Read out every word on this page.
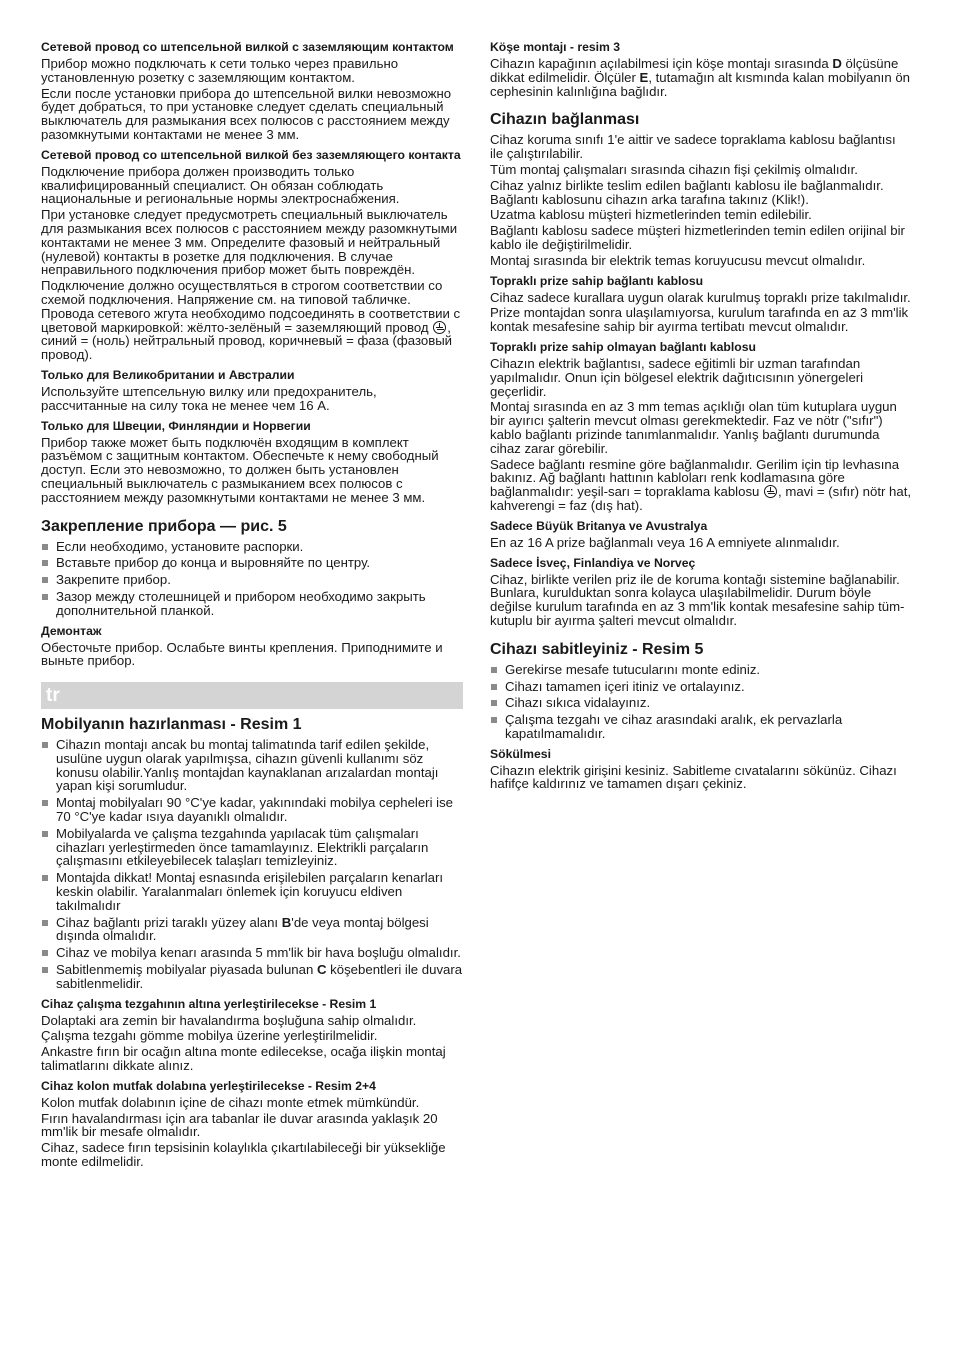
Сетевой провод со штепсельной вилкой с заземляющим контактом
Прибор можно подключать к сети только через правильно установленную розетку с заземляющим контактом.
Если после установки прибора до штепсельной вилки невозможно будет добраться, то при установке следует сделать специальный выключатель для размыкания всех полюсов с расстоянием между разомкнутыми контактами не менее 3 мм.
Сетевой провод со штепсельной вилкой без заземляющего контакта
Подключение прибора должен производить только квалифицированный специалист. Он обязан соблюдать национальные и региональные нормы электроснабжения.
При установке следует предусмотреть специальный выключатель для размыкания всех полюсов с расстоянием между разомкнутыми контактами не менее 3 мм. Определите фазовый и нейтральный (нулевой) контакты в розетке для подключения. В случае неправильного подключения прибор может быть повреждён.
Подключение должно осуществляться в строгом соответствии со схемой подключения. Напряжение см. на типовой табличке. Провода сетевого жгута необходимо подсоединять в соответствии с цветовой маркировкой: жёлто-зелёный = заземляющий провод , синий = (ноль) нейтральный провод, коричневый = фаза (фазовый провод).
Только для Великобритании и Австралии
Используйте штепсельную вилку или предохранитель, рассчитанные на силу тока не менее чем 16 A.
Только для Швеции, Финляндии и Норвегии
Прибор также может быть подключён входящим в комплект разъёмом с защитным контактом. Обеспечьте к нему свободный доступ. Если это невозможно, то должен быть установлен специальный выключатель с размыканием всех полюсов с расстоянием между разомкнутыми контактами не менее 3 мм.
Закрепление прибора — рис. 5
Если необходимо, установите распорки.
Вставьте прибор до конца и выровняйте по центру.
Закрепите прибор.
Зазор между столешницей и прибором необходимо закрыть дополнительной планкой.
Демонтаж
Обесточьте прибор. Ослабьте винты крепления. Приподнимите и выньте прибор.
tr
Mobilyanın hazırlanması - Resim 1
Cihazın montajı ancak bu montaj talimatında tarif edilen şekilde, usulüne uygun olarak yapılmışsa, cihazın güvenli kullanımı söz konusu olabilir.Yanlış montajdan kaynaklanan arızalardan montajı yapan kişi sorumludur.
Montaj mobilyaları 90 °C'ye kadar, yakınındaki mobilya cepheleri ise 70 °C'ye kadar ısıya dayanıklı olmalıdır.
Mobilyalarda ve çalışma tezgahında yapılacak tüm çalışmaları cihazları yerleştirmeden önce tamamlayınız. Elektrikli parçaların çalışmasını etkileyebilecek talaşları temizleyiniz.
Montajda dikkat! Montaj esnasında erişilebilen parçaların kenarları keskin olabilir. Yaralanmaları önlemek için koruyucu eldiven takılmalıdır
Cihaz bağlantı prizi taraklı yüzey alanı B'de veya montaj bölgesi dışında olmalıdır.
Cihaz ve mobilya kenarı arasında 5 mm'lik bir hava boşluğu olmalıdır.
Sabitlenmemiş mobilyalar piyasada bulunan C köşebentleri ile duvara sabitlenmelidir.
Cihaz çalışma tezgahının altına yerleştirilecekse - Resim 1
Dolaptaki ara zemin bir havalandırma boşluğuna sahip olmalıdır.
Çalışma tezgahı gömme mobilya üzerine yerleştirilmelidir.
Ankastre fırın bir ocağın altına monte edilecekse, ocağa ilişkin montaj talimatlarını dikkate alınız.
Cihaz kolon mutfak dolabına yerleştirilecekse - Resim 2+4
Kolon mutfak dolabının içine de cihazı monte etmek mümkündür.
Fırın havalandırması için ara tabanlar ile duvar arasında yaklaşık 20 mm'lik bir mesafe olmalıdır.
Cihaz, sadece fırın tepsisinin kolaylıkla çıkartılabileceği bir yüksekliğe monte edilmelidir.
Köşe montajı - resim 3
Cihazın kapağının açılabilmesi için köşe montajı sırasında D ölçüsüne dikkat edilmelidir. Ölçüler E, tutamağın alt kısmında kalan mobilyanın ön cephesinin kalınlığına bağlıdır.
Cihazın bağlanması
Cihaz koruma sınıfı 1'e aittir ve sadece topraklama kablosu bağlantısı ile çalıştırılabilir.
Tüm montaj çalışmaları sırasında cihazın fişi çekilmiş olmalıdır.
Cihaz yalnız birlikte teslim edilen bağlantı kablosu ile bağlanmalıdır. Bağlantı kablosunu cihazın arka tarafına takınız (Klik!).
Uzatma kablosu müşteri hizmetlerinden temin edilebilir.
Bağlantı kablosu sadece müşteri hizmetlerinden temin edilen orijinal bir kablo ile değiştirilmelidir.
Montaj sırasında bir elektrik temas koruyucusu mevcut olmalıdır.
Topraklı prize sahip bağlantı kablosu
Cihaz sadece kurallara uygun olarak kurulmuş topraklı prize takılmalıdır.
Prize montajdan sonra ulaşılamıyorsa, kurulum tarafında en az 3 mm'lik kontak mesafesine sahip bir ayırma tertibatı mevcut olmalıdır.
Topraklı prize sahip olmayan bağlantı kablosu
Cihazın elektrik bağlantısı, sadece eğitimli bir uzman tarafından yapılmalıdır. Onun için bölgesel elektrik dağıtıcısının yönergeleri geçerlidir.
Montaj sırasında en az 3 mm temas açıklığı olan tüm kutuplara uygun bir ayırıcı şalterin mevcut olması gerekmektedir. Faz ve nötr ("sıfır") kablo bağlantı prizinde tanımlanmalıdır. Yanlış bağlantı durumunda cihaz zarar görebilir.
Sadece bağlantı resmine göre bağlanmalıdır. Gerilim için tip levhasına bakınız. Ağ bağlantı hattının kabloları renk kodlamasına göre bağlanmalıdır: yeşil-sarı = topraklama kablosu , mavi = (sıfır) nötr hat, kahverengi = faz (dış hat).
Sadece Büyük Britanya ve Avustralya
En az 16 A prize bağlanmalı veya 16 A emniyete alınmalıdır.
Sadece İsveç, Finlandiya ve Norveç
Cihaz, birlikte verilen priz ile de koruma kontağı sistemine bağlanabilir. Bunlara, kurulduktan sonra kolayca ulaşılabilmelidir. Durum böyle değilse kurulum tarafında en az 3 mm'lik kontak mesafesine sahip tüm-kutuplu bir ayırma şalteri mevcut olmalıdır.
Cihazı sabitleyiniz - Resim 5
Gerekirse mesafe tutucularını monte ediniz.
Cihazı tamamen içeri itiniz ve ortalayınız.
Cihazı sıkıca vidalayınız.
Çalışma tezgahı ve cihaz arasındaki aralık, ek pervazlarla kapatılmamalıdır.
Sökülmesi
Cihazın elektrik girişini kesiniz. Sabitleme cıvatalarını sökünüz. Cihazı hafifçe kaldırınız ve tamamen dışarı çekiniz.
